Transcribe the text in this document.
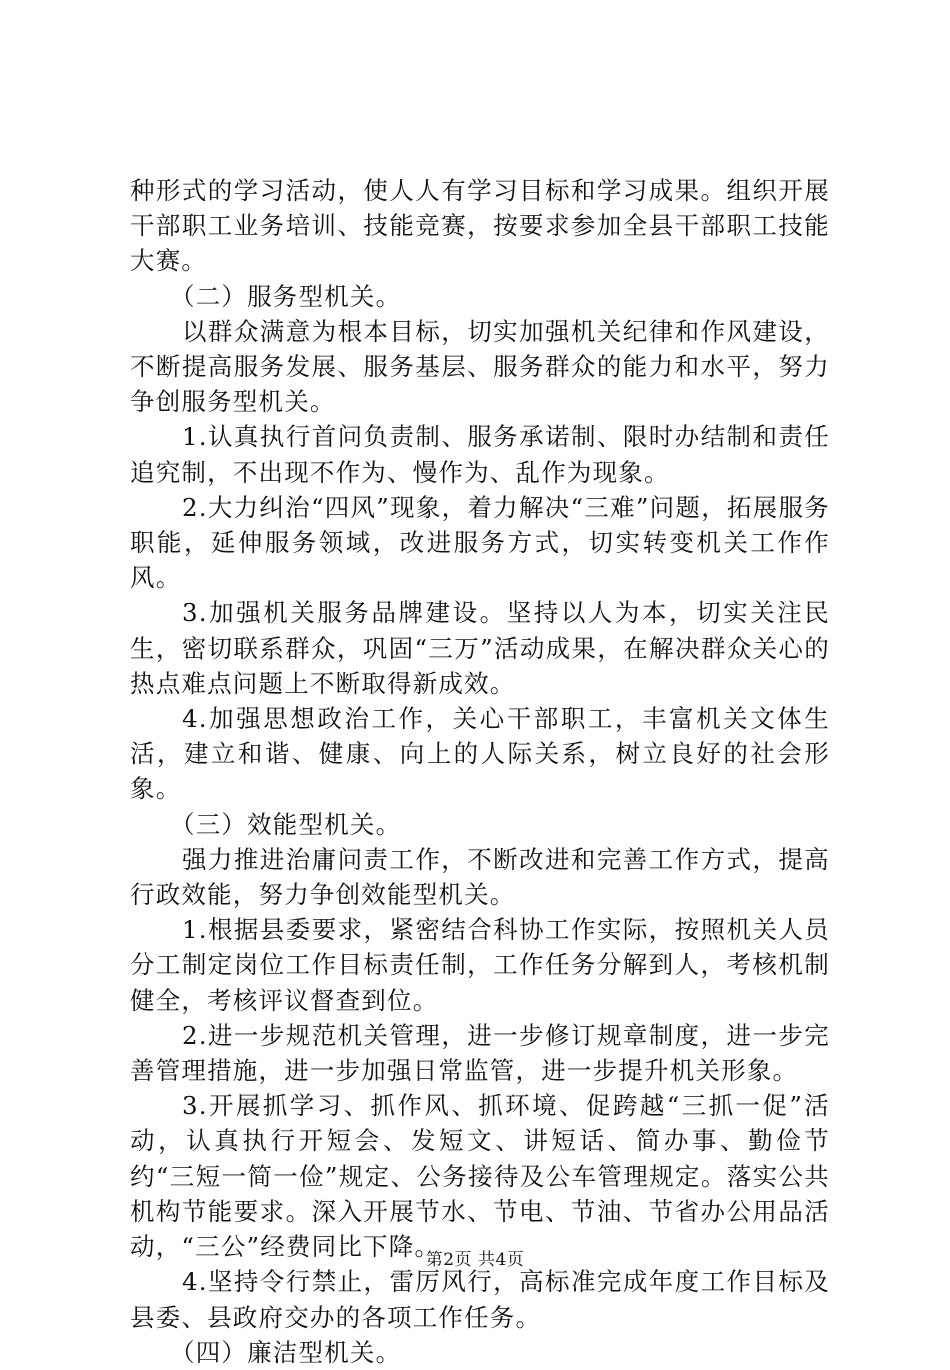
种形式的学习活动，使人人有学习目标和学习成果。组织开展干部职工业务培训、技能竞赛，按要求参加全县干部职工技能大赛。

（二）服务型机关。

以群众满意为根本目标，切实加强机关纪律和作风建设，不断提高服务发展、服务基层、服务群众的能力和水平，努力争创服务型机关。

1.认真执行首问负责制、服务承诺制、限时办结制和责任追究制，不出现不作为、慢作为、乱作为现象。

2.大力纠治“四风”现象，着力解决“三难”问题，拓展服务职能，延伸服务领域，改进服务方式，切实转变机关工作作风。

3.加强机关服务品牌建设。坚持以人为本，切实关注民生，密切联系群众，巩固“三万”活动成果，在解决群众关心的热点难点问题上不断取得新成效。

4.加强思想政治工作，关心干部职工，丰富机关文体生活，建立和谐、健康、向上的人际关系，树立良好的社会形象。

（三）效能型机关。

强力推进治庸问责工作，不断改进和完善工作方式，提高行政效能，努力争创效能型机关。

1.根据县委要求，紧密结合科协工作实际，按照机关人员分工制定岗位工作目标责任制，工作任务分解到人，考核机制健全，考核评议督查到位。

2.进一步规范机关管理，进一步修订规章制度，进一步完善管理措施，进一步加强日常监管，进一步提升机关形象。

3.开展抓学习、抓作风、抓环境、促跨越“三抓一促”活动，认真执行开短会、发短文、讲短话、简办事、勤俭节约“三短一简一俭”规定、公务接待及公车管理规定。落实公共机构节能要求。深入开展节水、节电、节油、节省办公用品活动，“三公”经费同比下降。

4.坚持令行禁止，雷厉风行，高标准完成年度工作目标及县委、县政府交办的各项工作任务。

（四）廉洁型机关。

第2页 共4页
